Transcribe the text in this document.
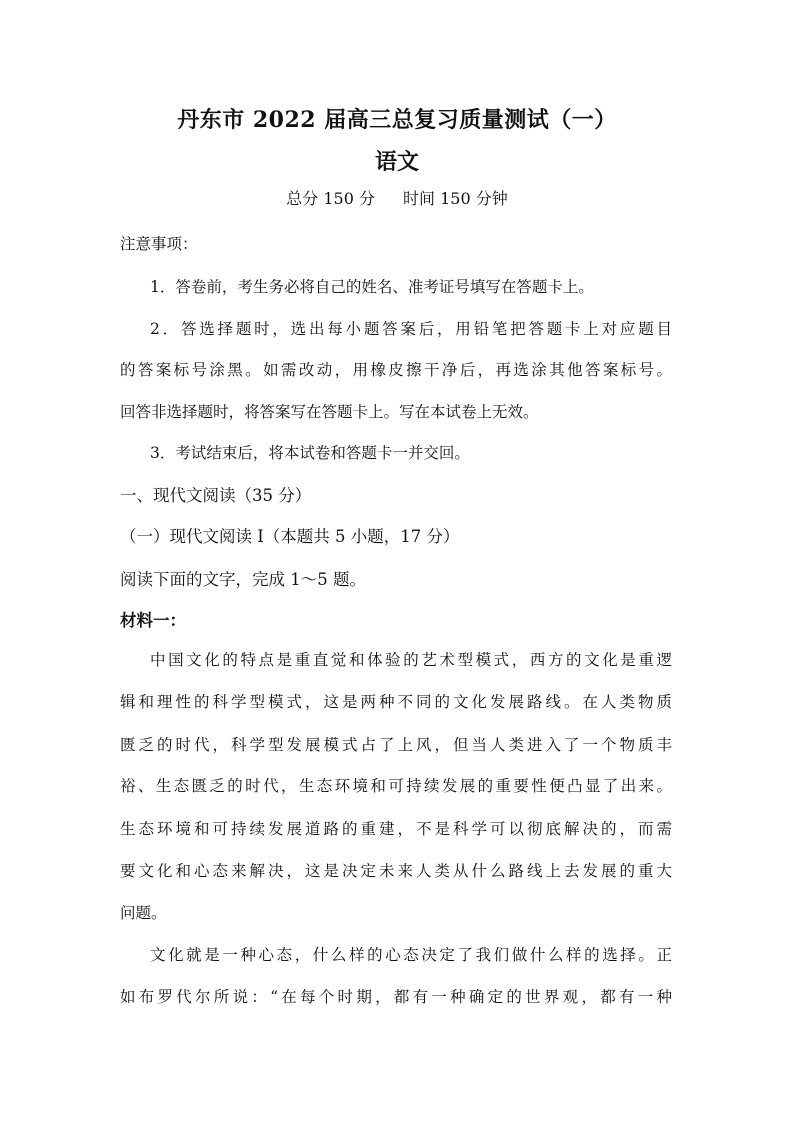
丹东市 2022 届高三总复习质量测试（一）
语文
总分 150 分 时间 150 分钟
注意事项：
1．答卷前，考生务必将自己的姓名、准考证号填写在答题卡上。
2．答选择题时，选出每小题答案后，用铅笔把答题卡上对应题目
的答案标号涂黑。如需改动，用橡皮擦干净后，再选涂其他答案标号。
回答非选择题时，将答案写在答题卡上。写在本试卷上无效。
3．考试结束后，将本试卷和答题卡一并交回。
一、现代文阅读（35 分）
（一）现代文阅读 I（本题共 5 小题，17 分）
阅读下面的文字，完成 1～5 题。
材料一：
中国文化的特点是重直觉和体验的艺术型模式，西方的文化是重逻
辑和理性的科学型模式，这是两种不同的文化发展路线。在人类物质
匮乏的时代，科学型发展模式占了上风，但当人类进入了一个物质丰
裕、生态匮乏的时代，生态环境和可持续发展的重要性便凸显了出来。
生态环境和可持续发展道路的重建，不是科学可以彻底解决的，而需
要文化和心态来解决，这是决定未来人类从什么路线上去发展的重大
问题。
文化就是一种心态，什么样的心态决定了我们做什么样的选择。正
如布罗代尔所说：“在每个时期，都有一种确定的世界观，都有一种
